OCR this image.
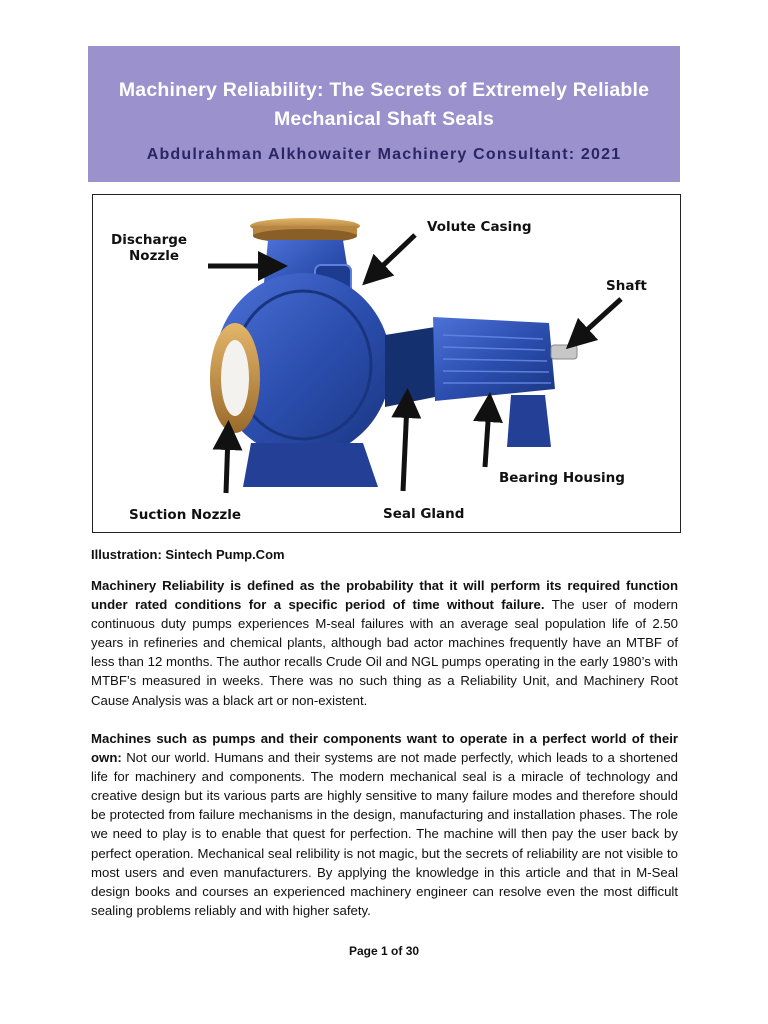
Machinery Reliability: The Secrets of Extremely Reliable Mechanical Shaft Seals
Abdulrahman Alkhowaiter Machinery Consultant: 2021
Discharge
Nozzle
Volute Casing
Shaft
Bearing Housing
Suction Nozzle	Seal Gland
Illustration: Sintech Pump.Com
Machinery Reliability is defined as the probability that it will perform its required function under rated conditions for a specific period of time without failure. The user of modern continuous duty pumps experiences M-seal failures with an average seal population life of 2.50 years in refineries and chemical plants, although bad actor machines frequently have an MTBF of less than 12 months. The author recalls Crude Oil and NGL pumps operating in the early 1980’s with MTBF’s measured in weeks. There was no such thing as a Reliability Unit, and Machinery Root Cause Analysis was a black art or non-existent.
Machines such as pumps and their components want to operate in a perfect world of their own: Not our world. Humans and their systems are not made perfectly, which leads to a shortened life for machinery and components. The modern mechanical seal is a miracle of technology and creative design but its various parts are highly sensitive to many failure modes and therefore should be protected from failure mechanisms in the design, manufacturing and installation phases. The role we need to play is to enable that quest for perfection. The machine will then pay the user back by perfect operation. Mechanical seal relibility is not magic, but the secrets of reliability are not visible to most users and even manufacturers. By applying the knowledge in this article and that in M-Seal design books and courses an experienced machinery engineer can resolve even the most difficult sealing problems reliably and with higher safety.
Page 1 of 30
